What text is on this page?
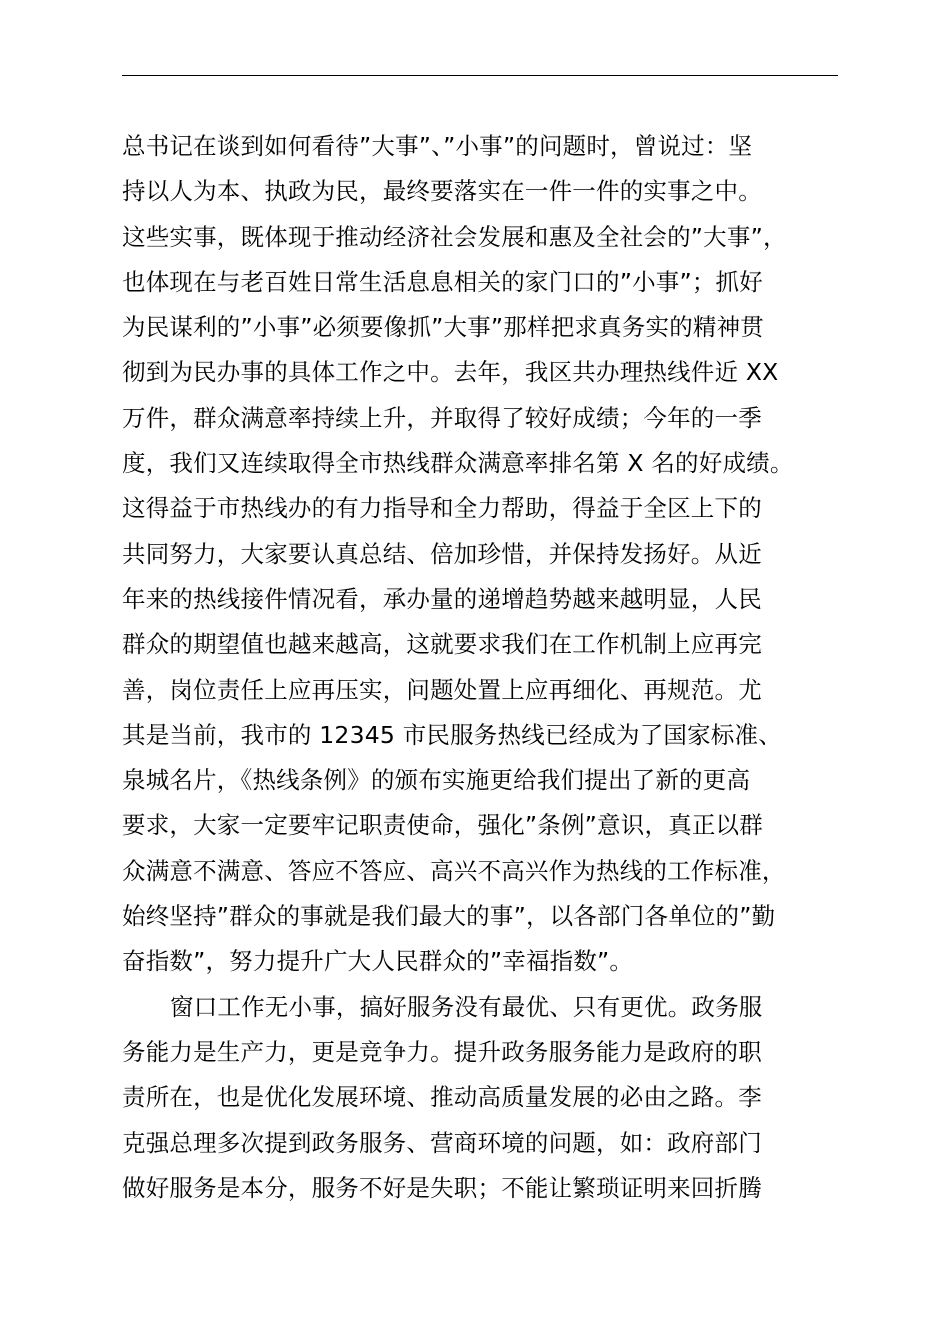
总书记在谈到如何看待”大事”、”小事”的问题时，曾说过：坚
持以人为本、执政为民，最终要落实在一件一件的实事之中。
这些实事，既体现于推动经济社会发展和惠及全社会的”大事”，
也体现在与老百姓日常生活息息相关的家门口的”小事”；抓好
为民谋利的”小事”必须要像抓”大事”那样把求真务实的精神贯
彻到为民办事的具体工作之中。去年，我区共办理热线件近 XX
万件，群众满意率持续上升，并取得了较好成绩；今年的一季
度，我们又连续取得全市热线群众满意率排名第 X 名的好成绩。
这得益于市热线办的有力指导和全力帮助，得益于全区上下的
共同努力，大家要认真总结、倍加珍惜，并保持发扬好。从近
年来的热线接件情况看，承办量的递增趋势越来越明显，人民
群众的期望值也越来越高，这就要求我们在工作机制上应再完
善，岗位责任上应再压实，问题处置上应再细化、再规范。尤
其是当前，我市的 12345 市民服务热线已经成为了国家标准、
泉城名片，《热线条例》的颁布实施更给我们提出了新的更高
要求，大家一定要牢记职责使命，强化”条例”意识，真正以群
众满意不满意、答应不答应、高兴不高兴作为热线的工作标准，
始终坚持”群众的事就是我们最大的事”，以各部门各单位的”勤
奋指数”，努力提升广大人民群众的”幸福指数”。
窗口工作无小事，搞好服务没有最优、只有更优。政务服
务能力是生产力，更是竞争力。提升政务服务能力是政府的职
责所在，也是优化发展环境、推动高质量发展的必由之路。李
克强总理多次提到政务服务、营商环境的问题，如：政府部门
做好服务是本分，服务不好是失职；不能让繁琐证明来回折腾
